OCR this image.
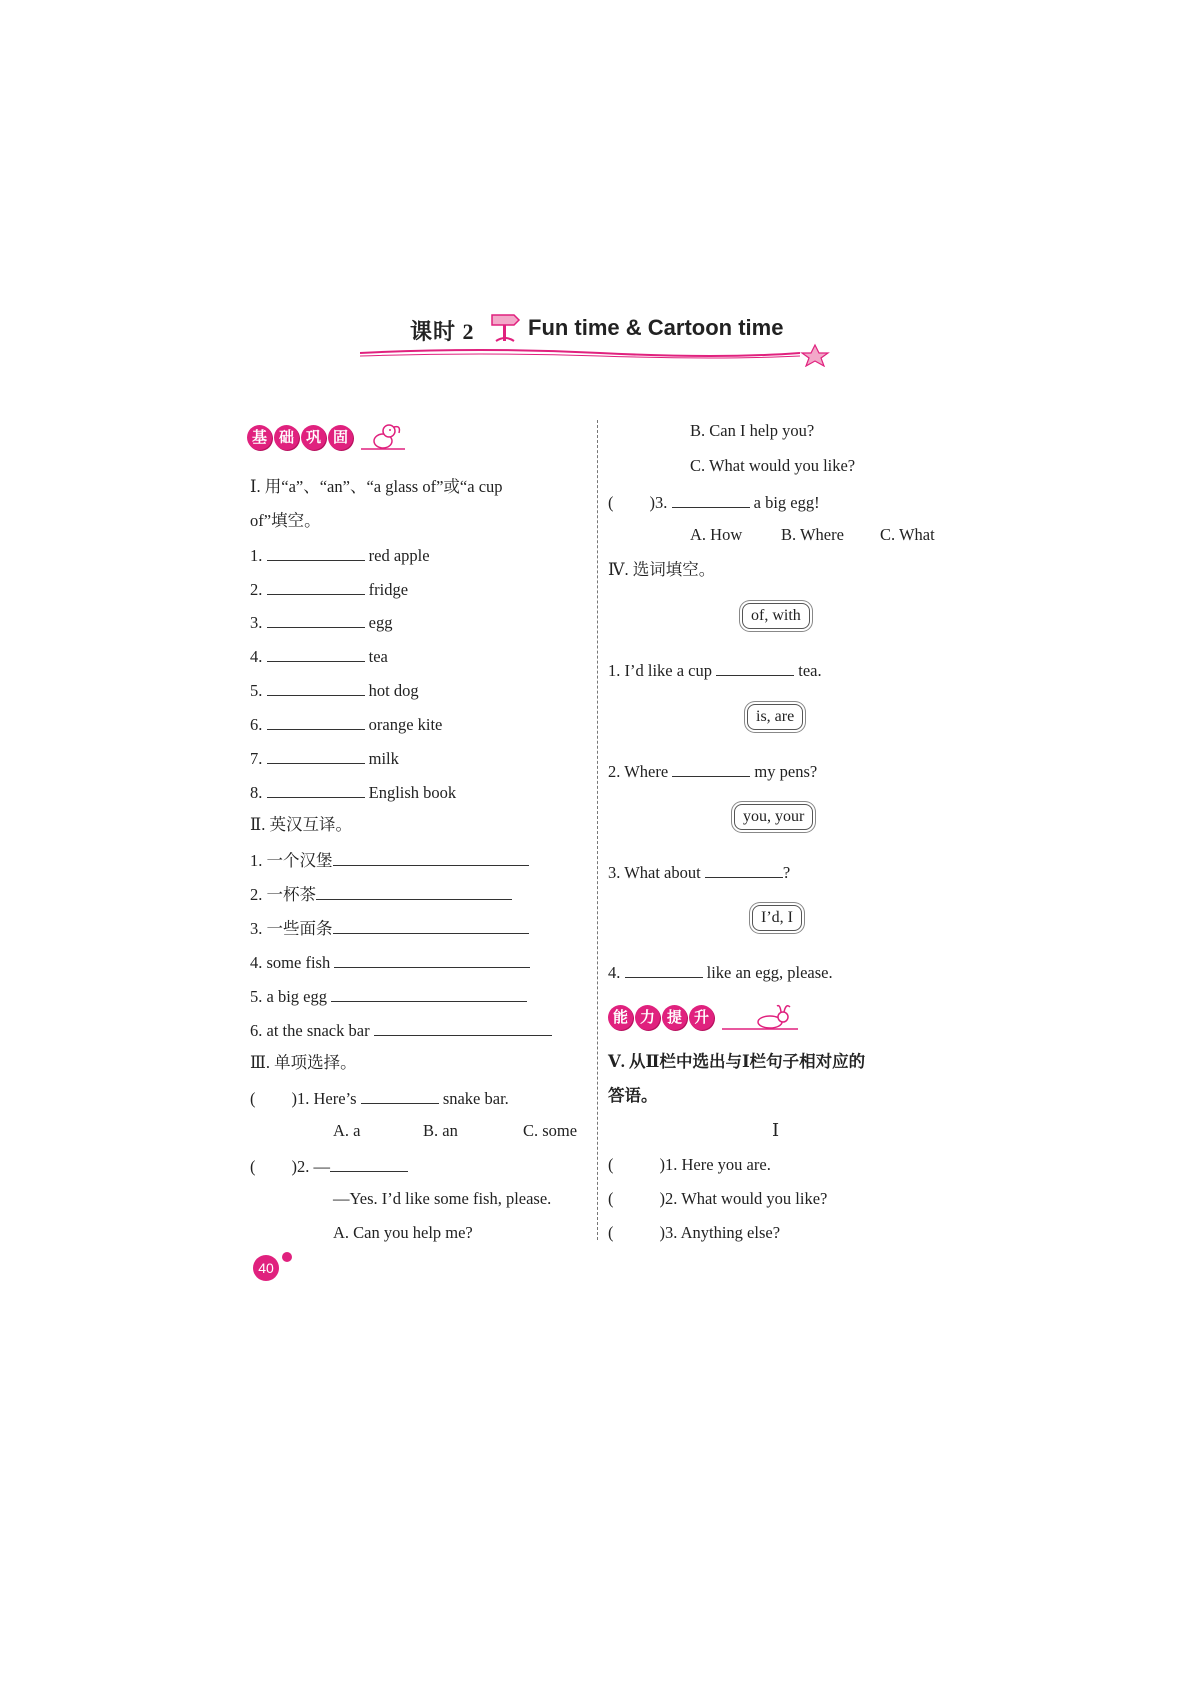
课时 2 Fun time & Cartoon time
基 础 巩 固
Ⅰ. 用“a”、“an”、“a glass of”或“a cup
of”填空。
1.	red apple
2.	fridge
3.	egg
4.	tea
5.	hot dog
6.	orange kite
7.	milk
8.	English book
Ⅱ. 英汉互译。
1. 一个汉堡
2. 一杯茶
3. 一些面条
4. some fish
5. a big egg
6. at the snack bar
Ⅲ. 单项选择。
( )1. Here’s	snake bar.
A. a	B. an	C. some
( )2. —
—Yes. I’d like some fish, please.
A. Can you help me?
B. Can I help you?
C. What would you like?
( )3.	a big egg!
A. How B. Where C. What
Ⅳ. 选词填空。
of, with
1. I’d like a cup	tea.
is, are
2. Where	my pens?
you, your
3. What about	?
I’d, I
4.	like an egg, please.
能 力 提 升
Ⅴ. 从Ⅱ栏中选出与Ⅰ栏句子相对应的
答语。
Ⅰ
(	)1. Here you are.
(	)2. What would you like?
(	)3. Anything else?
40
